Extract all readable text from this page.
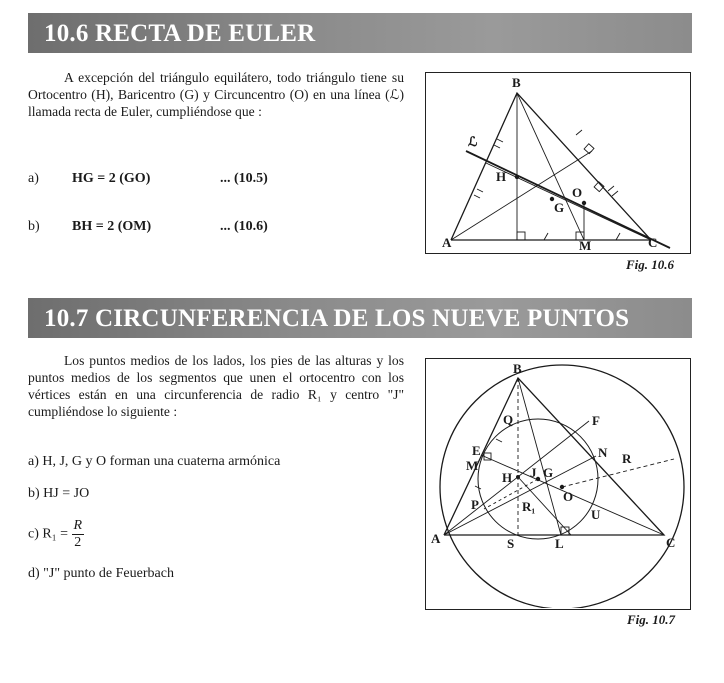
10.6 RECTA DE EULER

A excepción del triángulo equilátero, todo triángulo tiene su Ortocentro (H), Baricentro (G) y Circuncentro (O) en una línea (ℒ) llamada recta de Euler, cumpliéndose que :

a) HG = 2 (GO)	... (10.5)
b) BH = 2 (OM)	... (10.6)
B
H
G
O
ℒ
A	M	C
Fig. 10.6
10.7 CIRCUNFERENCIA DE LOS NUEVE PUNTOS

Los puntos medios de los lados, los pies de las alturas y los puntos medios de los segmentos que unen el ortocentro con los vértices están en una circunferencia de radio R₁ y centro "J" cumpliéndose lo siguiente :

a) H, J, G y O forman una cuaterna armónica
b) HJ = JO
c) $R_1 = \frac{R}{2}$
d) "J" punto de Feuerbach
B
Q	F
E
M
N R
H J G
O
P	R₁
U
A	S	L	C
Fig. 10.7
